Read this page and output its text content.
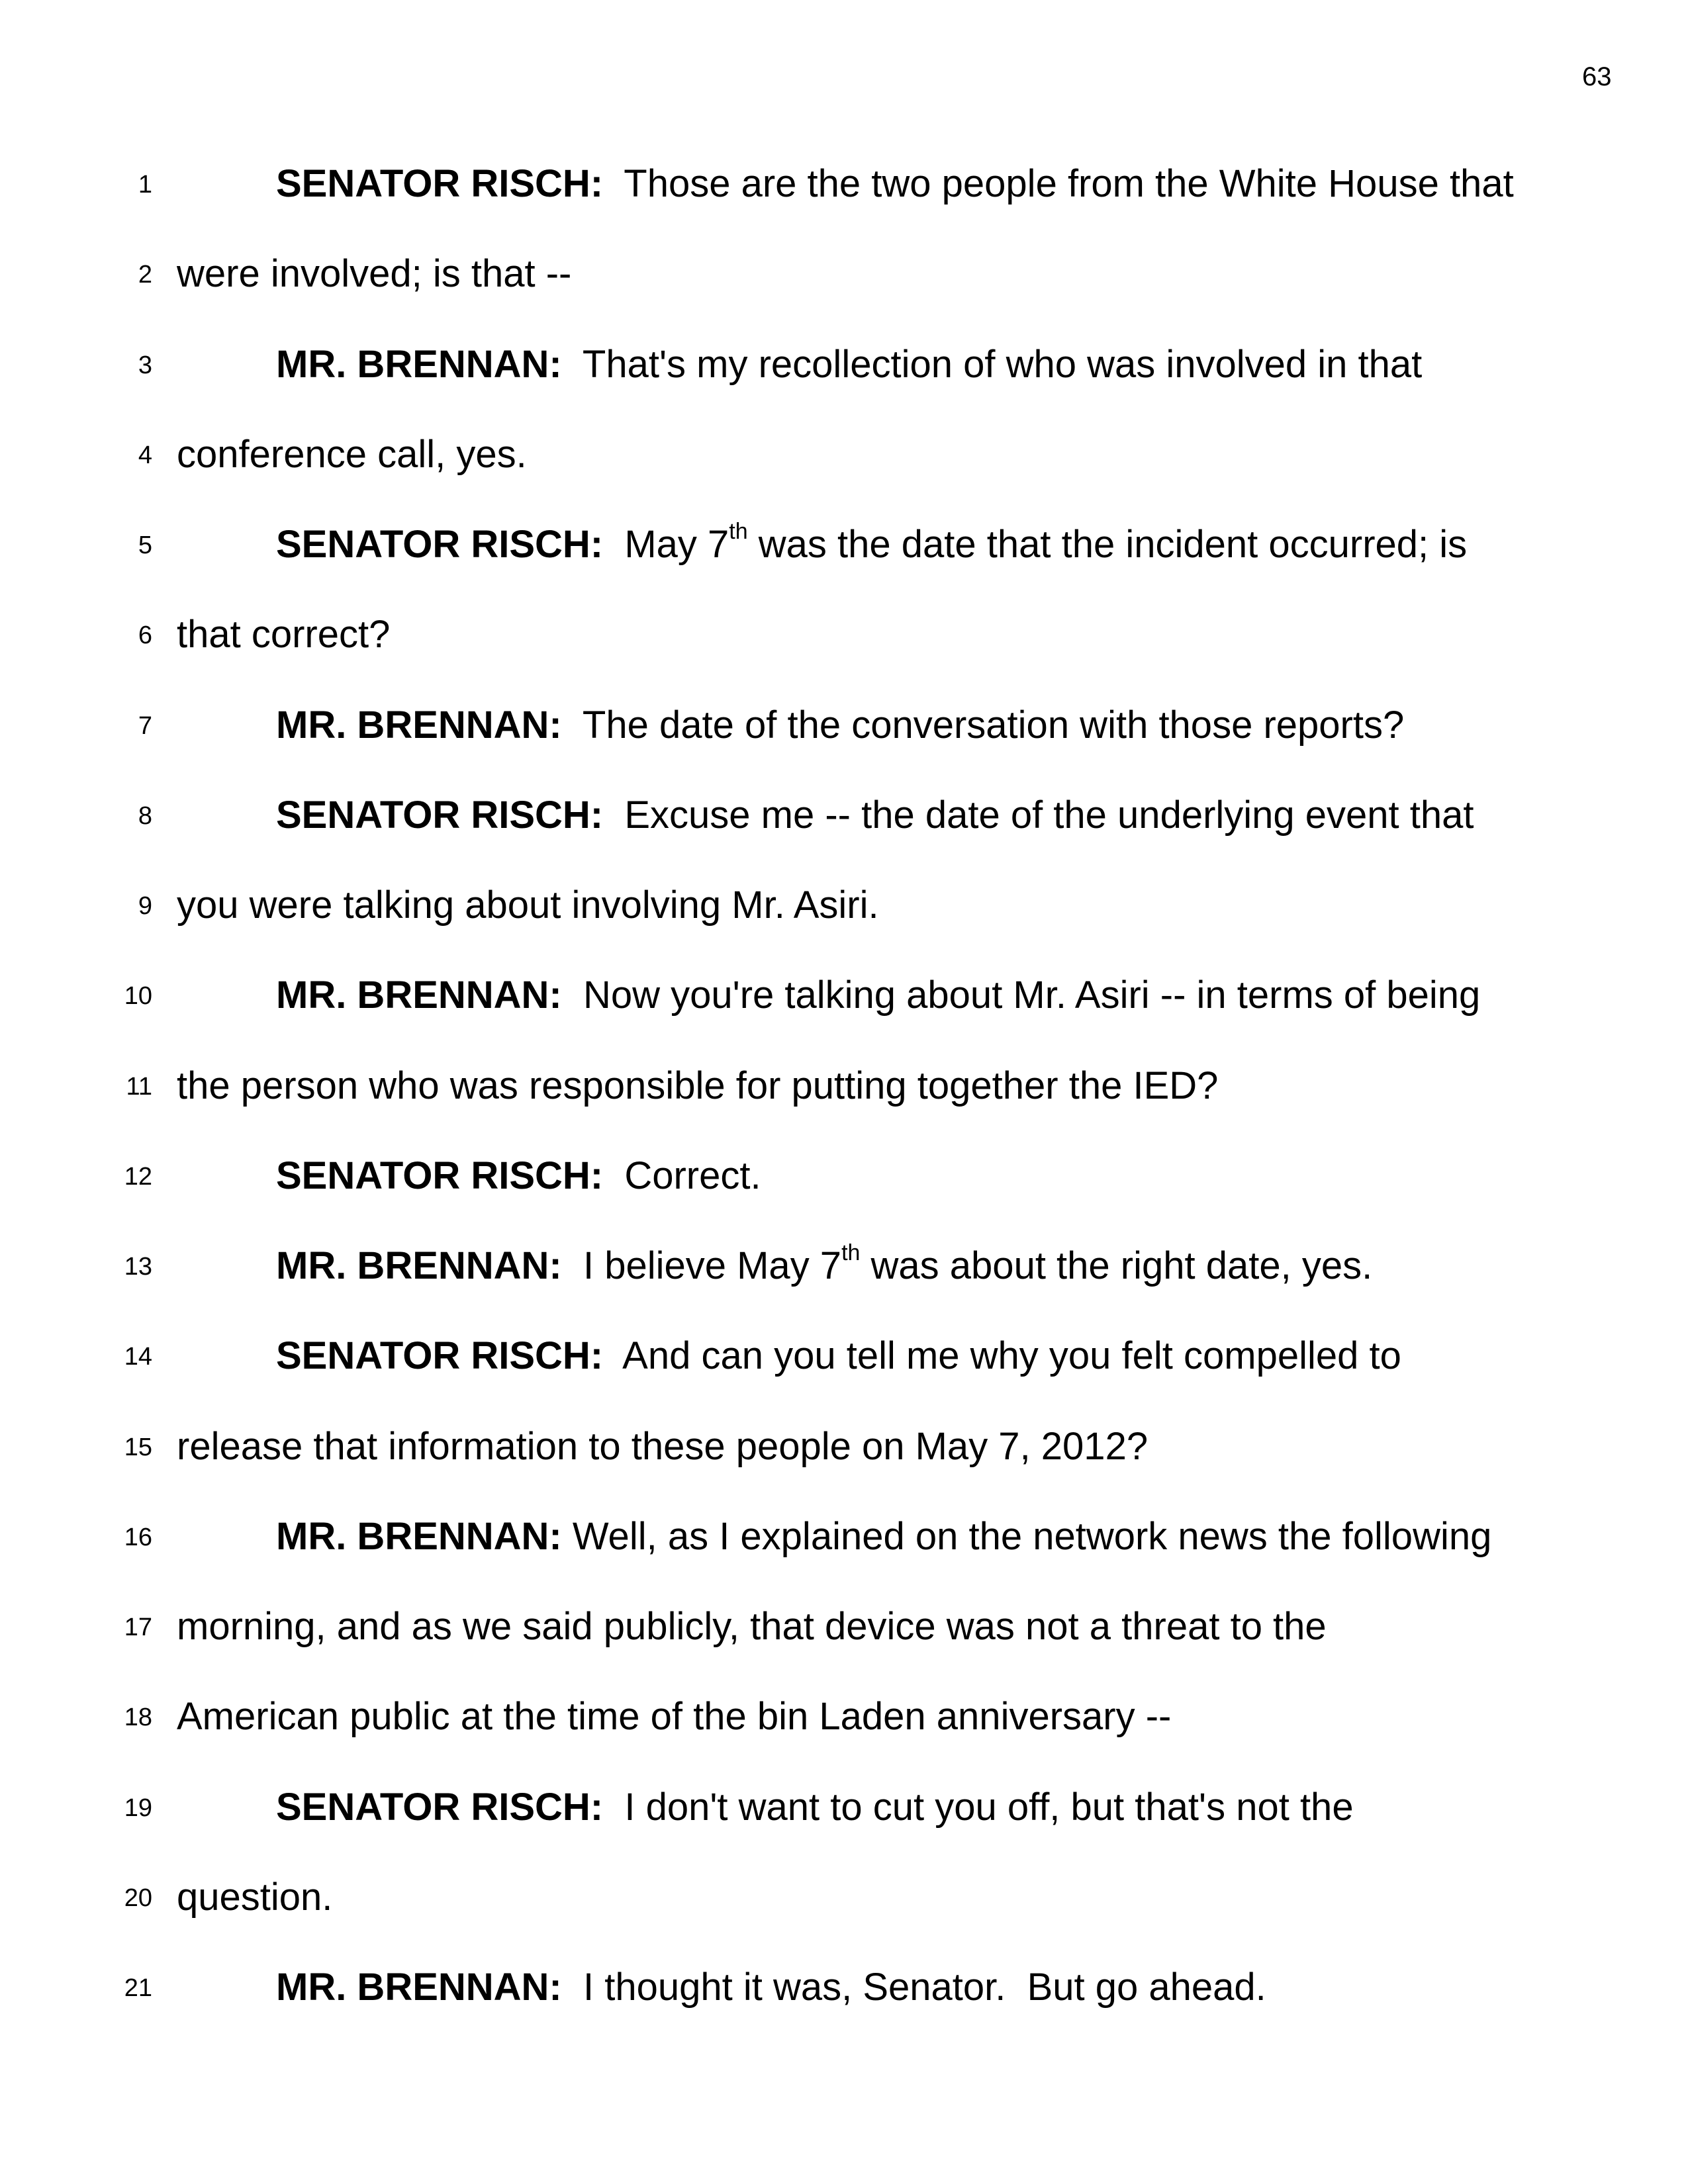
63
1	SENATOR RISCH:  Those are the two people from the White House that
2 were involved; is that --
3	MR. BRENNAN:  That's my recollection of who was involved in that
4 conference call, yes.
5	SENATOR RISCH:  May 7th was the date that the incident occurred; is
6 that correct?
7	MR. BRENNAN:  The date of the conversation with those reports?
8	SENATOR RISCH:  Excuse me -- the date of the underlying event that
9 you were talking about involving Mr. Asiri.
10	MR. BRENNAN:  Now you're talking about Mr. Asiri -- in terms of being
11 the person who was responsible for putting together the IED?
12	SENATOR RISCH:  Correct.
13	MR. BRENNAN:  I believe May 7th was about the right date, yes.
14	SENATOR RISCH:  And can you tell me why you felt compelled to
15 release that information to these people on May 7, 2012?
16	MR. BRENNAN: Well, as I explained on the network news the following
17 morning, and as we said publicly, that device was not a threat to the
18 American public at the time of the bin Laden anniversary --
19	SENATOR RISCH:  I don't want to cut you off, but that's not the
20 question.
21	MR. BRENNAN:  I thought it was, Senator.  But go ahead.
